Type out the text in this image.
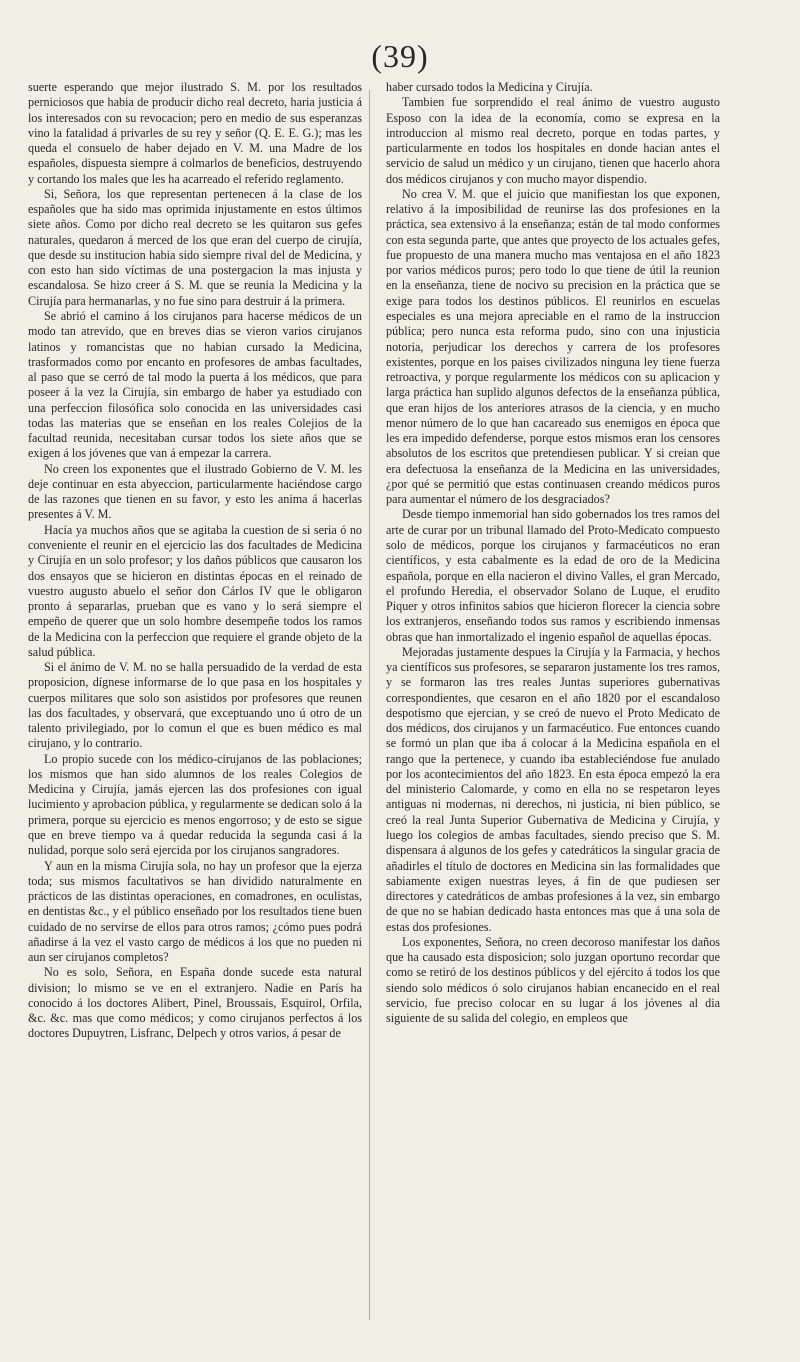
(39)

suerte esperando que mejor ilustrado S. M. por los resultados perniciosos que habia de producir dicho real decreto, haria justicia á los interesados con su revocacion; pero en medio de sus esperanzas vino la fatalidad á privarles de su rey y señor (Q. E. E. G.); mas les queda el consuelo de haber dejado en V. M. una Madre de los españoles, dispuesta siempre á colmarlos de beneficios, destruyendo y cortando los males que les ha acarreado el referido reglamento.

Si, Señora, los que representan pertenecen á la clase de los españoles que ha sido mas oprimida injustamente en estos últimos siete años. Como por dicho real decreto se les quitaron sus gefes naturales, quedaron á merced de los que eran del cuerpo de cirujía, que desde su institucion habia sido siempre rival del de Medicina, y con esto han sido víctimas de una postergacion la mas injusta y escandalosa. Se hizo creer á S. M. que se reunia la Medicina y la Cirujía para hermanarlas, y no fue sino para destruir á la primera.

Se abrió el camino á los cirujanos para hacerse médicos de un modo tan atrevido, que en breves dias se vieron varios cirujanos latinos y romancistas que no habian cursado la Medicina, trasformados como por encanto en profesores de ambas facultades, al paso que se cerró de tal modo la puerta á los médicos, que para poseer á la vez la Cirujía, sin embargo de haber ya estudiado con una perfeccion filosófica solo conocida en las universidades casi todas las materias que se enseñan en los reales Colejios de la facultad reunida, necesitaban cursar todos los siete años que se exigen á los jóvenes que van á empezar la carrera.

No creen los exponentes que el ilustrado Gobierno de V. M. les deje continuar en esta abyeccion, particularmente haciéndose cargo de las razones que tienen en su favor, y esto les anima á hacerlas presentes á V. M.

Hacía ya muchos años que se agitaba la cuestion de si seria ó no conveniente el reunir en el ejercicio las dos facultades de Medicina y Cirujía en un solo profesor; y los daños públicos que causaron los dos ensayos que se hicieron en distintas épocas en el reinado de vuestro augusto abuelo el señor don Cárlos IV que le obligaron pronto á separarlas, prueban que es vano y lo será siempre el empeño de querer que un solo hombre desempeñe todos los ramos de la Medicina con la perfeccion que requiere el grande objeto de la salud pública.

Si el ánimo de V. M. no se halla persuadido de la verdad de esta proposicion, dígnese informarse de lo que pasa en los hospitales y cuerpos militares que solo son asistidos por profesores que reunen las dos facultades, y observará, que exceptuando uno ú otro de un talento privilegiado, por lo comun el que es buen médico es mal cirujano, y lo contrario.

Lo propio sucede con los médico-cirujanos de las poblaciones; los mismos que han sido alumnos de los reales Colegios de Medicina y Cirujía, jamás ejercen las dos profesiones con igual lucimiento y aprobacion pública, y regularmente se dedican solo á la primera, porque su ejercicio es menos engorroso; y de esto se sigue que en breve tiempo va á quedar reducida la segunda casi á la nulidad, porque solo será ejercida por los cirujanos sangradores.

Y aun en la misma Cirujía sola, no hay un profesor que la ejerza toda; sus mismos facultativos se han dividido naturalmente en prácticos de las distintas operaciones, en comadrones, en oculistas, en dentistas &c., y el público enseñado por los resultados tiene buen cuidado de no servirse de ellos para otros ramos; ¿cómo pues podrá añadirse á la vez el vasto cargo de médicos á los que no pueden ni aun ser cirujanos completos?

No es solo, Señora, en España donde sucede esta natural division; lo mismo se ve en el extranjero. Nadie en París ha conocido á los doctores Alibert, Pinel, Broussais, Esquirol, Orfila, &c. &c. mas que como médicos; y como cirujanos perfectos á los doctores Dupuytren, Lisfranc, Delpech y otros varios, á pesar de

haber cursado todos la Medicina y Cirujía.

Tambien fue sorprendido el real ánimo de vuestro augusto Esposo con la idea de la economía, como se expresa en la introduccion al mismo real decreto, porque en todas partes, y particularmente en todos los hospitales en donde hacian antes el servicio de salud un médico y un cirujano, tienen que hacerlo ahora dos médicos cirujanos y con mucho mayor dispendio.

No crea V. M. que el juicio que manifiestan los que exponen, relativo á la imposibilidad de reunirse las dos profesiones en la práctica, sea extensivo á la enseñanza; están de tal modo conformes con esta segunda parte, que antes que proyecto de los actuales gefes, fue propuesto de una manera mucho mas ventajosa en el año 1823 por varios médicos puros; pero todo lo que tiene de útil la reunion en la enseñanza, tiene de nocivo su precision en la práctica que se exige para todos los destinos públicos. El reunirlos en escuelas especiales es una mejora apreciable en el ramo de la instruccion pública; pero nunca esta reforma pudo, sino con una injusticia notoria, perjudicar los derechos y carrera de los profesores existentes, porque en los paises civilizados ninguna ley tiene fuerza retroactiva, y porque regularmente los médicos con su aplicacion y larga práctica han suplido algunos defectos de la enseñanza pública, que eran hijos de los anteriores atrasos de la ciencia, y en mucho menor número de lo que han cacareado sus enemigos en época que les era impedido defenderse, porque estos mismos eran los censores absolutos de los escritos que pretendiesen publicar. Y si creian que era defectuosa la enseñanza de la Medicina en las universidades, ¿por qué se permitió que estas continuasen creando médicos puros para aumentar el número de los desgraciados?

Desde tiempo inmemorial han sido gobernados los tres ramos del arte de curar por un tribunal llamado del Proto-Medicato compuesto solo de médicos, porque los cirujanos y farmacéuticos no eran científicos, y esta cabalmente es la edad de oro de la Medicina española, porque en ella nacieron el divino Valles, el gran Mercado, el profundo Heredia, el observador Solano de Luque, el erudito Piquer y otros infinitos sabios que hicieron florecer la ciencia sobre los extranjeros, enseñando todos sus ramos y escribiendo inmensas obras que han inmortalizado el ingenio español de aquellas épocas.

Mejoradas justamente despues la Cirujía y la Farmacia, y hechos ya científicos sus profesores, se separaron justamente los tres ramos, y se formaron las tres reales Juntas superiores gubernativas correspondientes, que cesaron en el año 1820 por el escandaloso despotismo que ejercian, y se creó de nuevo el Proto Medicato de dos médicos, dos cirujanos y un farmacéutico. Fue entonces cuando se formó un plan que iba á colocar á la Medicina española en el rango que la pertenece, y cuando iba estableciéndose fue anulado por los acontecimientos del año 1823. En esta época empezó la era del ministerio Calomarde, y como en ella no se respetaron leyes antiguas ni modernas, ni derechos, ni justicia, ni bien público, se creó la real Junta Superior Gubernativa de Medicina y Cirujía, y luego los colegios de ambas facultades, siendo preciso que S. M. dispensara á algunos de los gefes y catedráticos la singular gracia de añadirles el título de doctores en Medicina sin las formalidades que sabiamente exigen nuestras leyes, á fin de que pudiesen ser directores y catedráticos de ambas profesiones á la vez, sin embargo de que no se habian dedicado hasta entonces mas que á una sola de estas dos profesiones.

Los exponentes, Señora, no creen decoroso manifestar los daños que ha causado esta disposicion; solo juzgan oportuno recordar que como se retiró de los destinos públicos y del ejército á todos los que siendo solo médicos ó solo cirujanos habian encanecido en el real servicio, fue preciso colocar en su lugar á los jóvenes al dia siguiente de su salida del colegio, en empleos que
